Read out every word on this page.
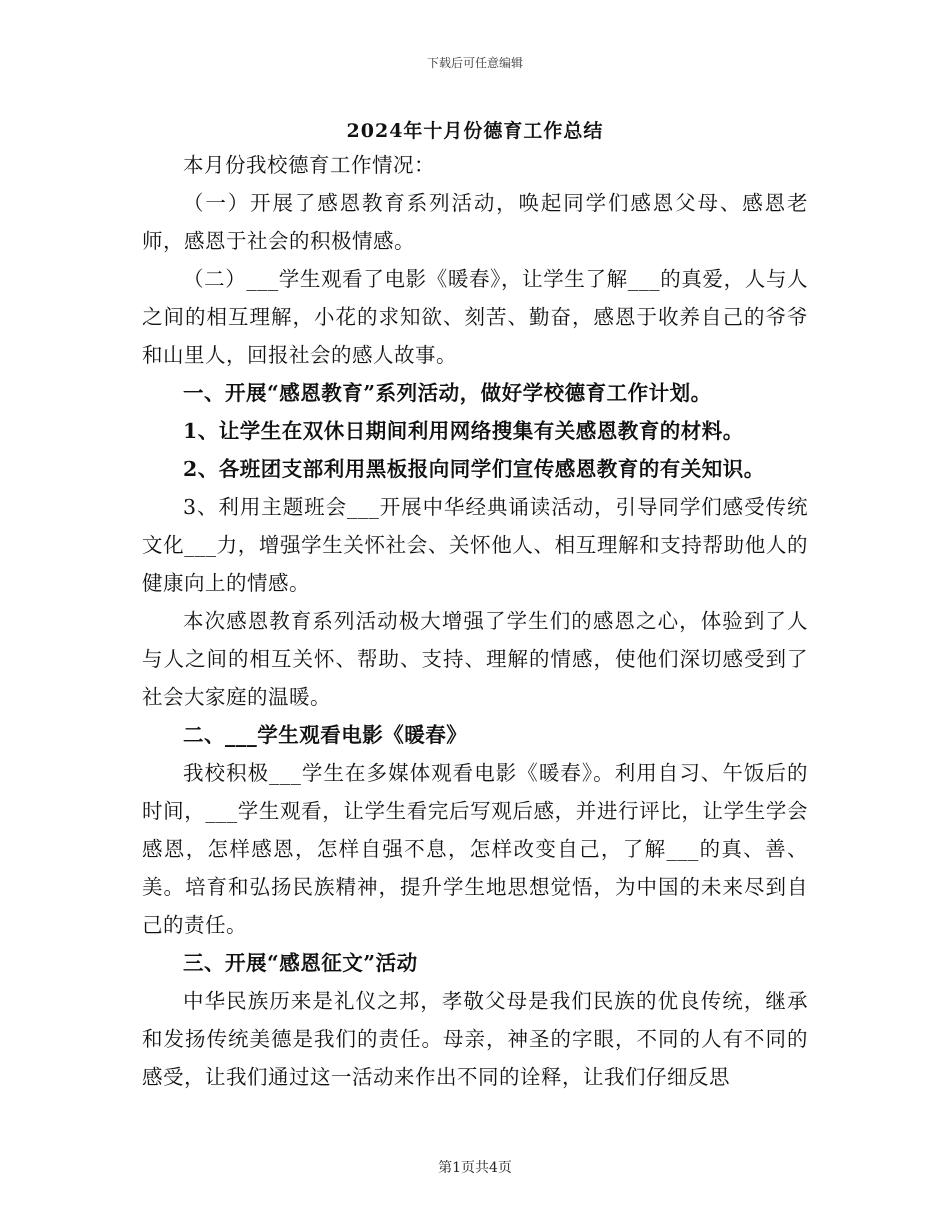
下载后可任意编辑
2024年十月份德育工作总结

本月份我校德育工作情况：

（一）开展了感恩教育系列活动，唤起同学们感恩父母、感恩老师，感恩于社会的积极情感。

（二）___学生观看了电影《暖春》，让学生了解___的真爱，人与人之间的相互理解，小花的求知欲、刻苦、勤奋，感恩于收养自己的爷爷和山里人，回报社会的感人故事。

一、开展“感恩教育”系列活动，做好学校德育工作计划。

1、让学生在双休日期间利用网络搜集有关感恩教育的材料。

2、各班团支部利用黑板报向同学们宣传感恩教育的有关知识。

3、利用主题班会___开展中华经典诵读活动，引导同学们感受传统文化___力，增强学生关怀社会、关怀他人、相互理解和支持帮助他人的健康向上的情感。

本次感恩教育系列活动极大增强了学生们的感恩之心，体验到了人与人之间的相互关怀、帮助、支持、理解的情感，使他们深切感受到了社会大家庭的温暖。

二、___学生观看电影《暖春》

我校积极___学生在多媒体观看电影《暖春》。利用自习、午饭后的时间，___学生观看，让学生看完后写观后感，并进行评比，让学生学会感恩，怎样感恩，怎样自强不息，怎样改变自己，了解___的真、善、美。培育和弘扬民族精神，提升学生地思想觉悟，为中国的未来尽到自己的责任。

三、开展“感恩征文”活动

中华民族历来是礼仪之邦，孝敬父母是我们民族的优良传统，继承和发扬传统美德是我们的责任。母亲，神圣的字眼，不同的人有不同的感受，让我们通过这一活动来作出不同的诠释，让我们仔细反思

第1页共4页
